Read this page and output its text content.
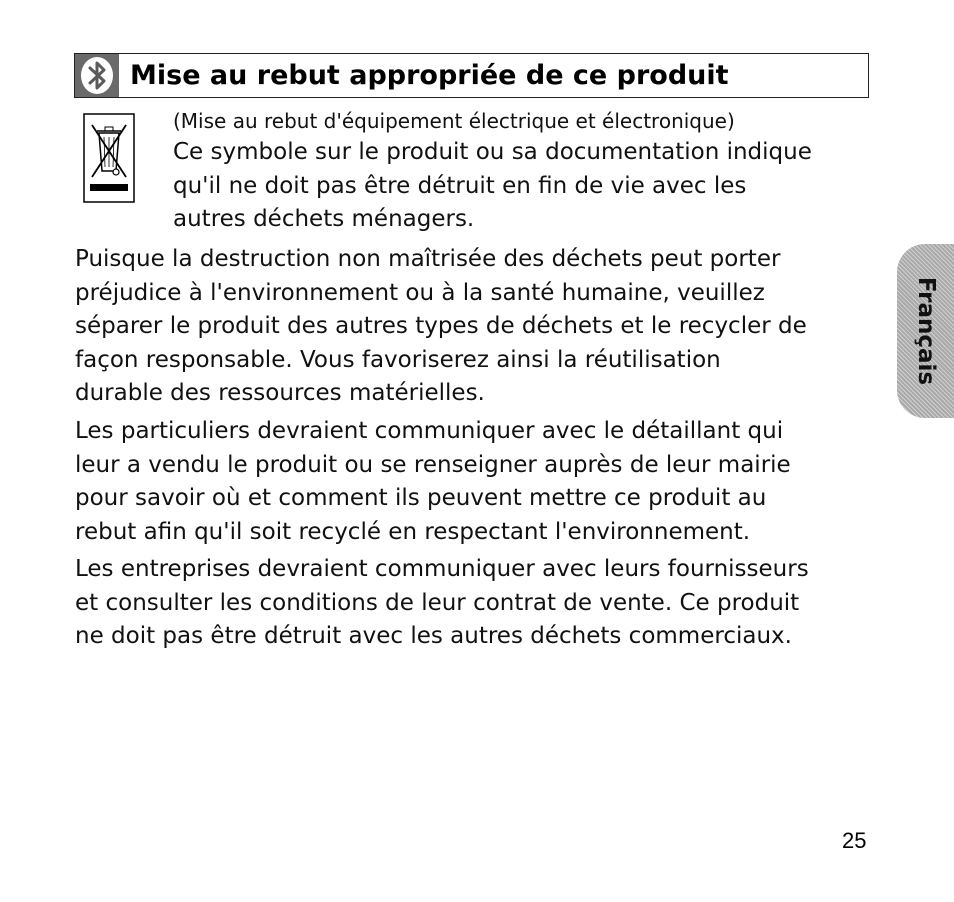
Mise au rebut appropriée de ce produit
(Mise au rebut d'équipement électrique et électronique)
Ce symbole sur le produit ou sa documentation indique
qu'il ne doit pas être détruit en fin de vie avec les
autres déchets ménagers.

Puisque la destruction non maîtrisée des déchets peut porter
préjudice à l'environnement ou à la santé humaine, veuillez
séparer le produit des autres types de déchets et le recycler de
façon responsable. Vous favoriserez ainsi la réutilisation
durable des ressources matérielles.

Les particuliers devraient communiquer avec le détaillant qui
leur a vendu le produit ou se renseigner auprès de leur mairie
pour savoir où et comment ils peuvent mettre ce produit au
rebut afin qu'il soit recyclé en respectant l'environnement.

Les entreprises devraient communiquer avec leurs fournisseurs
et consulter les conditions de leur contrat de vente. Ce produit
ne doit pas être détruit avec les autres déchets commerciaux.

Français
25
